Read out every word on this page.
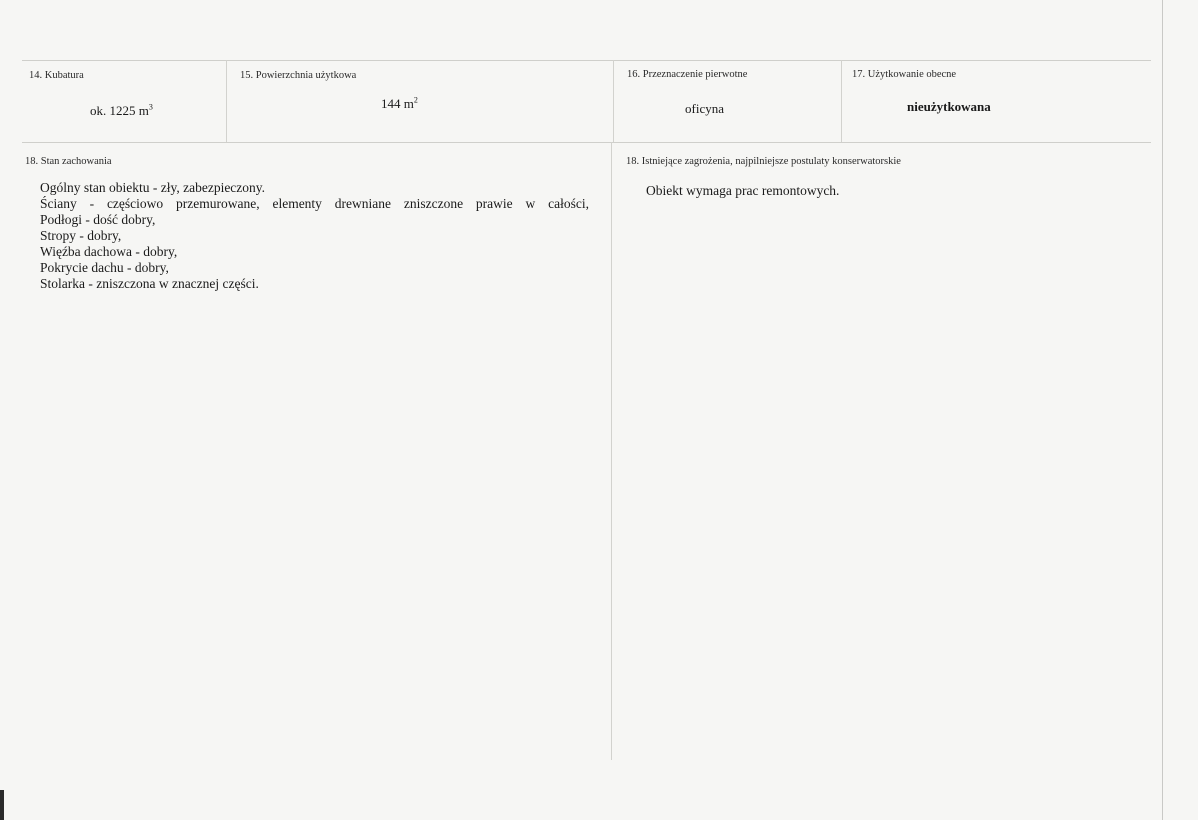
14. Kubatura
ok. 1225 $m^3$
15. Powierzchnia użytkowa
144 $m^2$
16. Przeznaczenie pierwotne
oficyna
17. Użytkowanie obecne
nieużytkowana
18. Stan zachowania
Ogólny stan obiektu - zły, zabezpieczony.
Ściany - częściowo przemurowane, elementy drewniane zniszczone prawie w całości,
Podłogi - dość dobry,
Stropy - dobry,
Więźba dachowa - dobry,
Pokrycie dachu - dobry,
Stolarka - zniszczona w znacznej części.
18. Istniejące zagrożenia, najpilniejsze postulaty konserwatorskie
Obiekt wymaga prac remontowych.
